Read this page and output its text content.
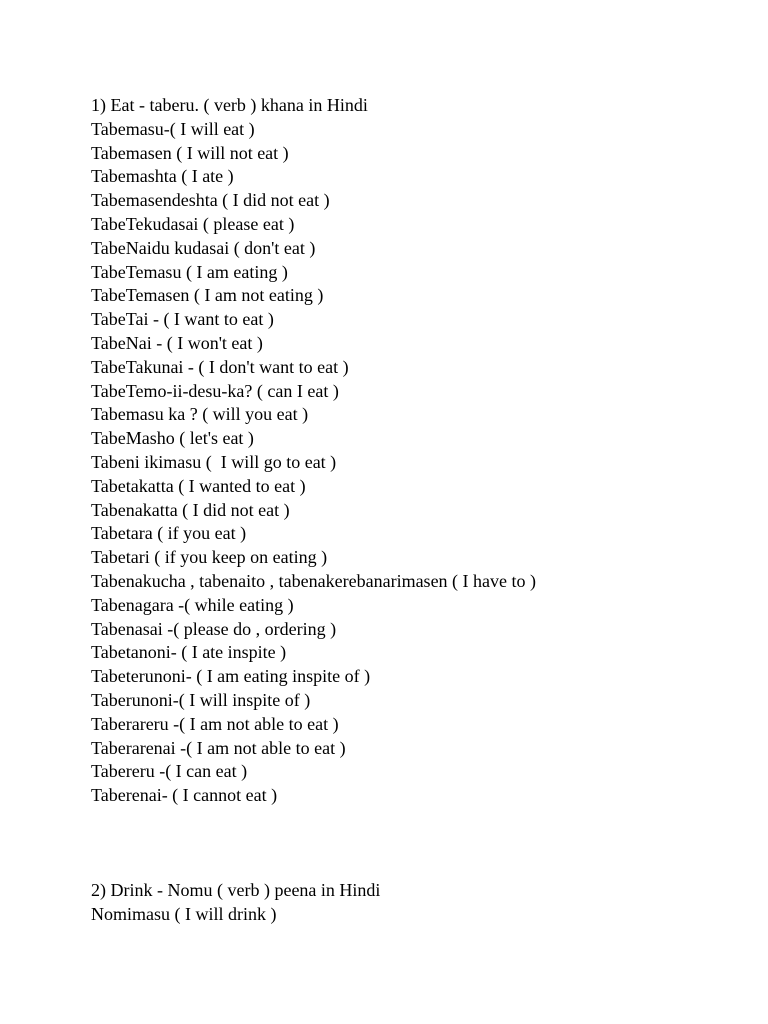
1) Eat - taberu. ( verb ) khana in Hindi
Tabemasu-( I will eat )
Tabemasen ( I will not eat )
Tabemashta ( I ate )
Tabemasendeshta ( I did not eat )
TabeTekudasai ( please eat )
TabeNaidu kudasai ( don't eat )
TabeTemasu ( I am eating )
TabeTemasen ( I am not eating )
TabeTai - ( I want to eat )
TabeNai - ( I won't eat )
TabeTakunai - ( I don't want to eat )
TabeTemo-ii-desu-ka? ( can I eat )
Tabemasu ka ? ( will you eat )
TabeMasho ( let's eat )
Tabeni ikimasu (  I will go to eat )
Tabetakatta ( I wanted to eat )
Tabenakatta ( I did not eat )
Tabetara ( if you eat )
Tabetari ( if you keep on eating )
Tabenakucha , tabenaito , tabenakerebanarimasen ( I have to )
Tabenagara -( while eating )
Tabenasai -( please do , ordering )
Tabetanoni- ( I ate inspite )
Tabeterunoni- ( I am eating inspite of )
Taberunoni-( I will inspite of )
Taberareru -( I am not able to eat )
Taberarenai -( I am not able to eat )
Tabereru -( I can eat )
Taberenai- ( I cannot eat )
2) Drink - Nomu ( verb ) peena in Hindi
Nomimasu ( I will drink )
